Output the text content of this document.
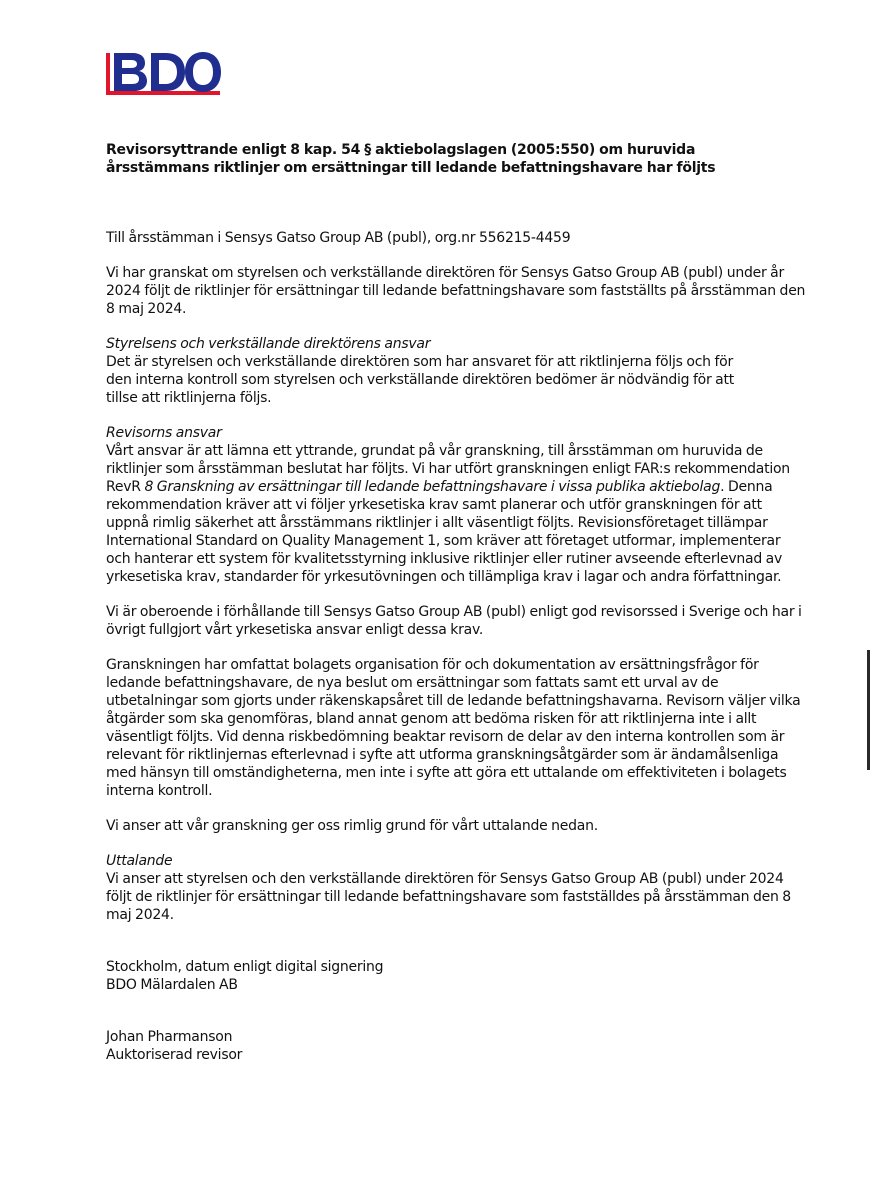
Revisorsyttrande enligt 8 kap. 54 § aktiebolagslagen (2005:550) om huruvida
årsstämmans riktlinjer om ersättningar till ledande befattningshavare har följts

Till årsstämman i Sensys Gatso Group AB (publ), org.nr 556215-4459

Vi har granskat om styrelsen och verkställande direktören för Sensys Gatso Group AB (publ) under år 2024 följt de riktlinjer för ersättningar till ledande befattningshavare som fastställts på årsstämman den 8 maj 2024.

Styrelsens och verkställande direktörens ansvar

Det är styrelsen och verkställande direktören som har ansvaret för att riktlinjerna följs och för den interna kontroll som styrelsen och verkställande direktören bedömer är nödvändig för att tillse att riktlinjerna följs.

Revisorns ansvar

Vårt ansvar är att lämna ett yttrande, grundat på vår granskning, till årsstämman om huruvida de riktlinjer som årsstämman beslutat har följts. Vi har utfört granskningen enligt FAR:s rekommendation RevR 8 Granskning av ersättningar till ledande befattningshavare i vissa publika aktiebolag. Denna rekommendation kräver att vi följer yrkesetiska krav samt planerar och utför granskningen för att uppnå rimlig säkerhet att årsstämmans riktlinjer i allt väsentligt följts. Revisionsföretaget tillämpar International Standard on Quality Management 1, som kräver att företaget utformar, implementerar och hanterar ett system för kvalitetsstyrning inklusive riktlinjer eller rutiner avseende efterlevnad av yrkesetiska krav, standarder för yrkesutövningen och tillämpliga krav i lagar och andra författningar.

Vi är oberoende i förhållande till Sensys Gatso Group AB (publ) enligt god revisorssed i Sverige och har i övrigt fullgjort vårt yrkesetiska ansvar enligt dessa krav.

Granskningen har omfattat bolagets organisation för och dokumentation av ersättningsfrågor för ledande befattningshavare, de nya beslut om ersättningar som fattats samt ett urval av de utbetalningar som gjorts under räkenskapsåret till de ledande befattningshavarna. Revisorn väljer vilka åtgärder som ska genomföras, bland annat genom att bedöma risken för att riktlinjerna inte i allt väsentligt följts. Vid denna riskbedömning beaktar revisorn de delar av den interna kontrollen som är relevant för riktlinjernas efterlevnad i syfte att utforma granskningsåtgärder som är ändamålsenliga med hänsyn till omständigheterna, men inte i syfte att göra ett uttalande om effektiviteten i bolagets interna kontroll.

Vi anser att vår granskning ger oss rimlig grund för vårt uttalande nedan.

Uttalande

Vi anser att styrelsen och den verkställande direktören för Sensys Gatso Group AB (publ) under 2024 följt de riktlinjer för ersättningar till ledande befattningshavare som fastställdes på årsstämman den 8 maj 2024.

Stockholm, datum enligt digital signering
BDO Mälardalen AB
Johan Pharmanson
Auktoriserad revisor
